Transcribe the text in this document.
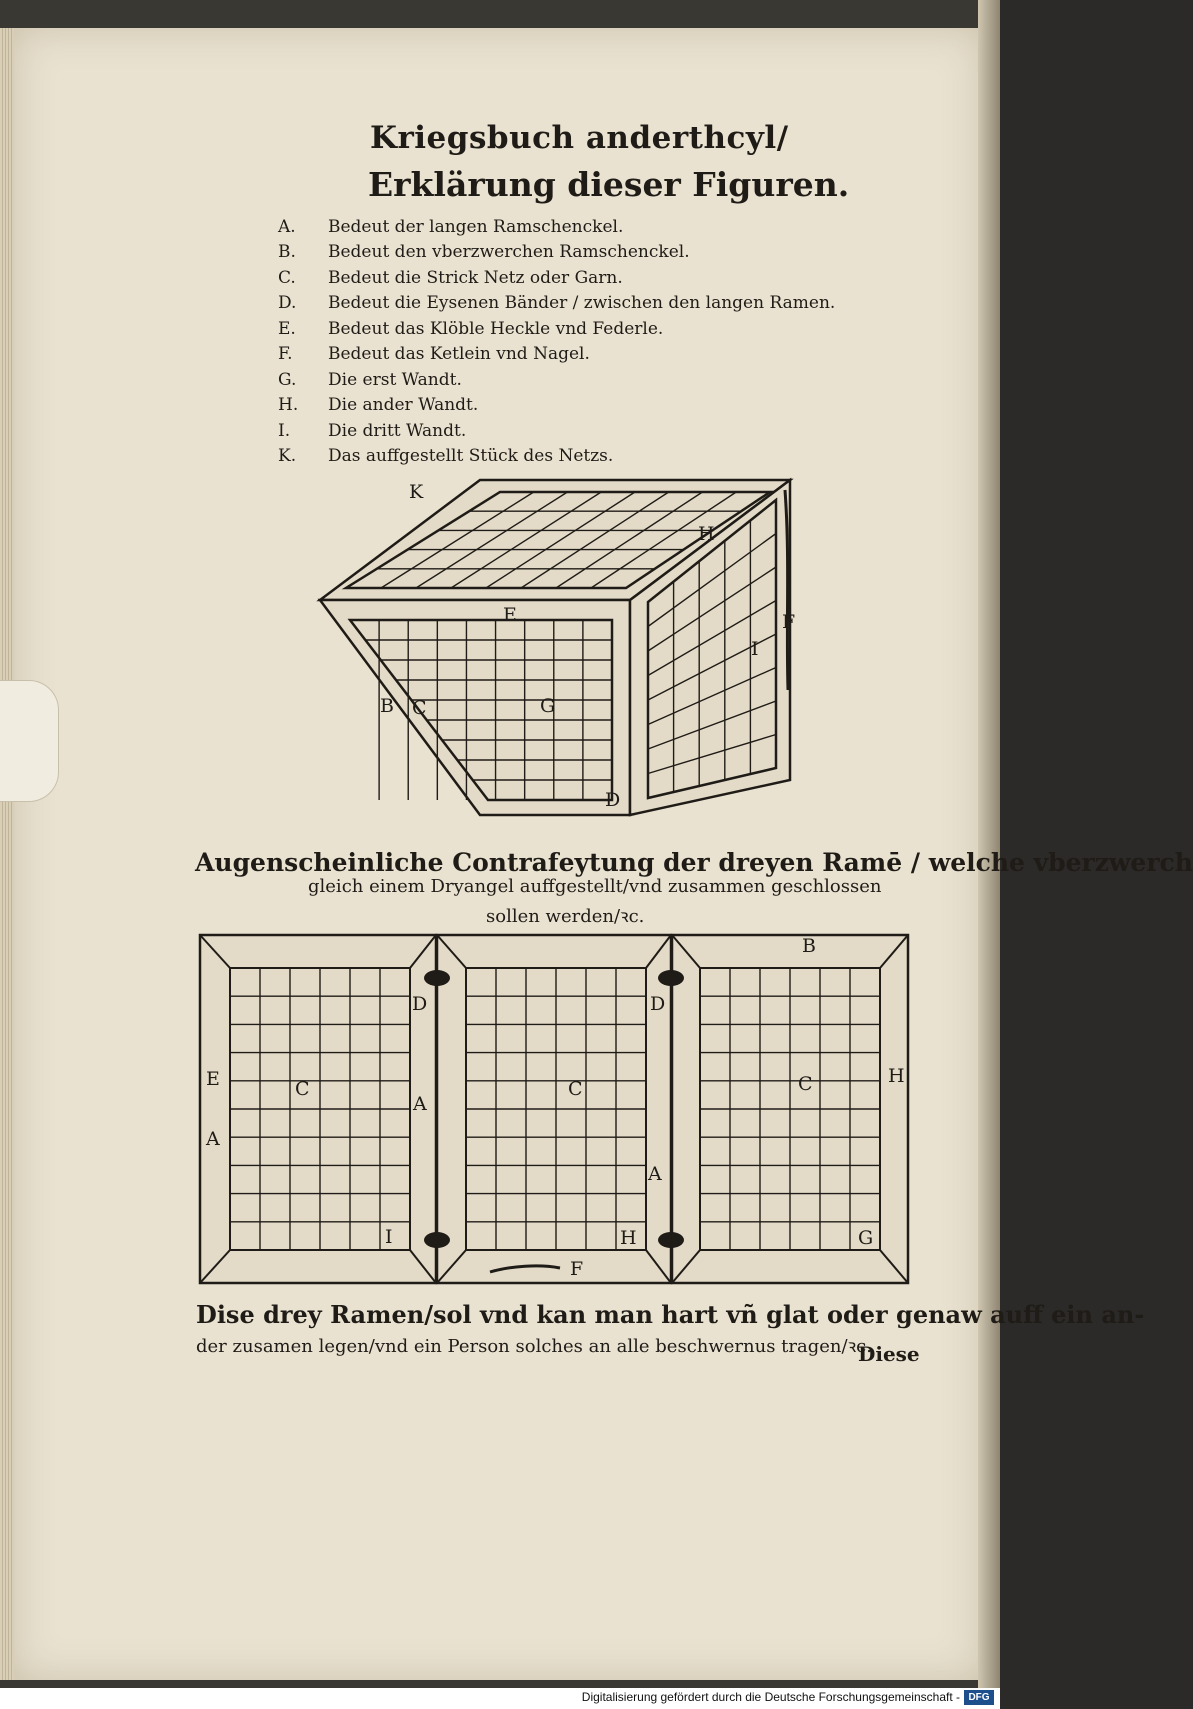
Kriegsbuch anderthcyl/
Erklärung dieser Figuren.
A.	Bedeut der langen Ramschenckel.
B.	Bedeut den vberzwerchen Ramschenckel.
C.	Bedeut die Strick Netz oder Garn.
D.	Bedeut die Eysenen Bänder / zwischen den langen Ramen.
E.	Bedeut das Klöble Heckle vnd Federle.
F.	Bedeut das Ketlein vnd Nagel.
G.	Die erst Wandt.
H.	Die ander Wandt.
I.	Die dritt Wandt.
K.	Das auffgestellt Stück des Netzs.
K
H
E	F
I
B C	G
D
Augenscheinliche Contrafeytung der dreyen Ramē / welche vberzwerch
gleich einem Dryangel auffgestellt/vnd zusammen geschlossen
sollen werden/ꝛc.
B
D	D
E
A
C
A
C	C	H
A
I	H	G
F
Dise drey Ramen/sol vnd kan man hart vñ glat oder genaw auff ein an-
der zusamen legen/vnd ein Person solches an alle beschwernus tragen/ꝛc.
Diese
Digitalisierung gefördert durch die Deutsche Forschungsgemeinschaft - DFG
